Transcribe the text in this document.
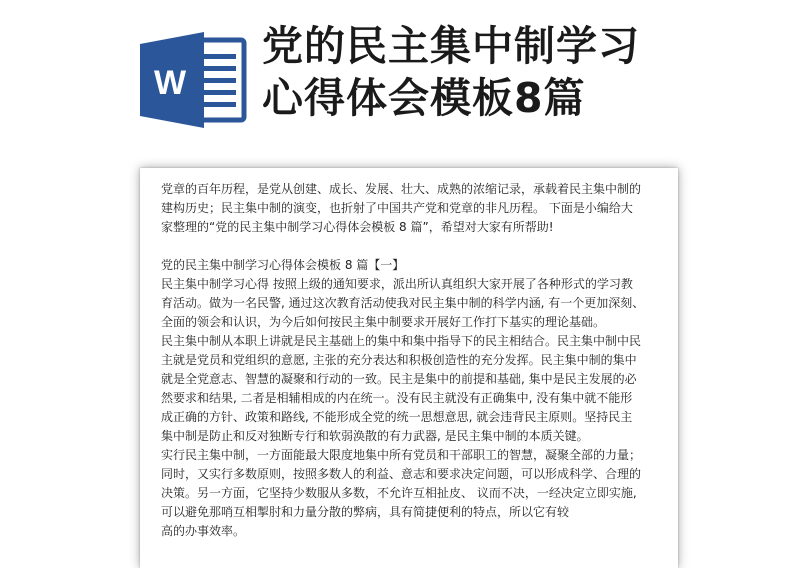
W
党的民主集中制学习
心得体会模板8篇
党章的百年历程，是党从创建、成长、发展、壮大、成熟的浓缩记录，承载着民主集中制的
建构历史；民主集中制的演变，也折射了中国共产党和党章的非凡历程。 下面是小编给大
家整理的“党的民主集中制学习心得体会模板 8 篇”，希望对大家有所帮助!
党的民主集中制学习心得体会模板 8 篇【一】
民主集中制学习心得 按照上级的通知要求，派出所认真组织大家开展了各种形式的学习教
育活动。做为一名民警, 通过这次教育活动使我对民主集中制的科学内涵, 有一个更加深刻、
全面的领会和认识，为今后如何按民主集中制要求开展好工作打下基实的理论基础。
民主集中制从本职上讲就是民主基础上的集中和集中指导下的民主相结合。民主集中制中民
主就是党员和党组织的意愿, 主张的充分表达和积极创造性的充分发挥。民主集中制的集中
就是全党意志、智慧的凝聚和行动的一致。民主是集中的前提和基础, 集中是民主发展的必
然要求和结果, 二者是相辅相成的内在统一。没有民主就没有正确集中, 没有集中就不能形
成正确的方针、政策和路线, 不能形成全党的统一思想意思, 就会违背民主原则。坚持民主
集中制是防止和反对独断专行和软弱涣散的有力武器, 是民主集中制的本质关键。
实行民主集中制，一方面能最大限度地集中所有党员和干部职工的智慧，凝聚全部的力量；
同时，又实行多数原则，按照多数人的利益、意志和要求决定问题，可以形成科学、合理的
决策。另一方面，它坚持少数服从多数，不允许互相扯皮、 议而不决，一经决定立即实施,
可以避免那哨互相掣肘和力量分散的弊病，具有简捷便利的特点，所以它有较
高的办事效率。
